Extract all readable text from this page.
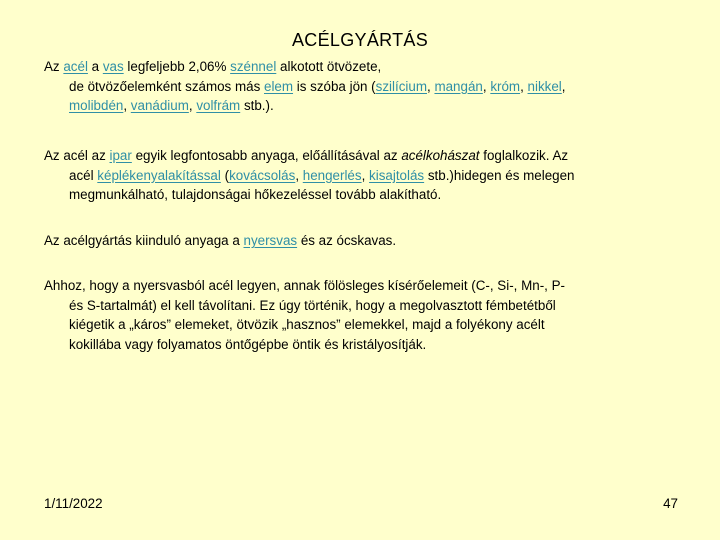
ACÉLGYÁRTÁS
Az acél a vas legfeljebb 2,06% szénnel alkotott ötvözete,
de ötvözőelemként számos más elem is szóba jön (szilícium, mangán, króm, nikkel,
molibdén, vanádium, volfrám stb.).
Az acél az ipar egyik legfontosabb anyaga, előállításával az acélkohászat foglalkozik. Az
acél képlékenyalakítással (kovácsolás, hengerlés, kisajtolás stb.)hidegen és melegen
megmunkálható, tulajdonságai hőkezeléssel tovább alakítható.
Az acélgyártás kiinduló anyaga a nyersvas és az ócskavas.
Ahhoz, hogy a nyersvasból acél legyen, annak fölösleges kísérőelemeit (C-, Si-, Mn-, P-
és S-tartalmát) el kell távolítani. Ez úgy történik, hogy a megolvasztott fémbetétből
kiégetik a „káros” elemeket, ötvözik „hasznos” elemekkel, majd a folyékony acélt
kokillába vagy folyamatos öntőgépbe öntik és kristályosítják.
1/11/2022	47
